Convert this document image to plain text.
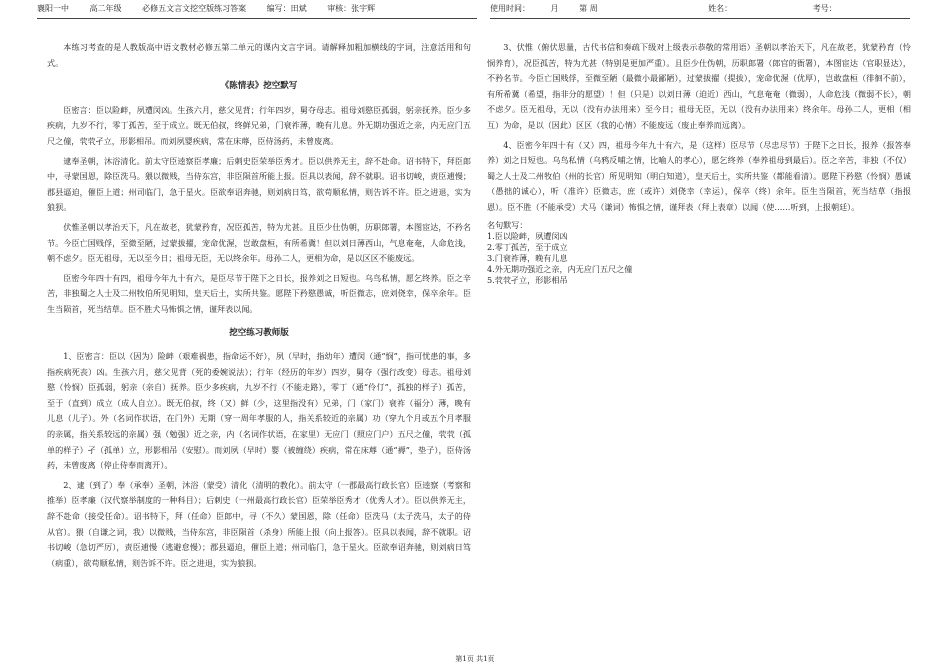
襄阳一中	高二年级	必修五文言文挖空版练习答案	编写：田斌	审核：张宇辉	使用时间：	月	第 周	姓名：	考号：

本练习考查的是人教版高中语文教材必修五第二单元的课内文言字词。请解释加粗加横线的字词，注意活用和句式。

《陈情表》挖空默写

臣密言：臣以险衅，夙遭闵凶。生孩六月，慈父见背；行年四岁，舅夺母志。祖母刘愍臣孤弱，躬亲抚养。臣少多疾病，九岁不行，零丁孤苦，至于成立。既无伯叔，终鲜兄弟，门衰祚薄，晚有儿息。外无期功强近之亲，内无应门五尺之僮，茕茕孑立，形影相吊。而刘夙婴疾病，常在床蓐，臣侍汤药，未曾废离。

逮奉圣朝，沐浴清化。前太守臣逵察臣孝廉；后刺史臣荣举臣秀才。臣以供养无主，辞不赴命。诏书特下，拜臣郎中，寻蒙国恩，除臣洗马。猥以微贱，当侍东宫，非臣陨首所能上报。臣具以表闻，辞不就职。诏书切峻，责臣逋慢；郡县逼迫，催臣上道；州司临门，急于星火。臣欲奉诏奔驰，则刘病日笃，欲苟顺私情，则告诉不许。臣之进退，实为狼狈。

伏惟圣朝以孝治天下，凡在故老，犹蒙矜育，况臣孤苦，特为尤甚。且臣少仕伪朝，历职郎署，本图宦达，不矜名节。今臣亡国贱俘，至微至陋，过蒙拔擢，宠命优渥，岂敢盘桓，有所希冀！但以刘日薄西山，气息奄奄，人命危浅，朝不虑夕。臣无祖母，无以至今日；祖母无臣，无以终余年。母孙二人，更相为命，是以区区不能废远。

臣密今年四十有四，祖母今年九十有六，是臣尽节于陛下之日长，报养刘之日短也。乌鸟私情，愿乞终养。臣之辛苦，非独蜀之人士及二州牧伯所见明知，皇天后土，实所共鉴。愿陛下矜愍愚诚，听臣微志，庶刘侥幸，保卒余年。臣生当陨首，死当结草。臣不胜犬马怖惧之情，谨拜表以闻。

挖空练习教师版

1、臣密言：臣以（因为）险衅（艰难祸患，指命运不好），夙（早时，指幼年）遭闵（通“悯”，指可忧患的事，多指疾病死丧）凶。生孩六月，慈父见背（死的委婉说法）；行年（经历的年岁）四岁，舅夺（强行改变）母志。祖母刘愍（怜悯）臣孤弱，躬亲（亲自）抚养。臣少多疾病，九岁不行（不能走路），零丁（通“伶仃”，孤独的样子）孤苦，至于（直到）成立（成人自立）。既无伯叔，终（又）鲜（少，这里指没有）兄弟，门（家门）衰祚（福分）薄，晚有儿息（儿子）。外（名词作状语，在门外）无期（穿一周年孝服的人，指关系较近的亲属）功（穿九个月或五个月孝服的亲属，指关系较远的亲属）强（勉强）近之亲，内（名词作状语，在家里）无应门（照应门户）五尺之僮，茕茕（孤单的样子）孑（孤单）立，形影相吊（安慰）。而刘夙（早时）婴（被缠绕）疾病，常在床蓐（通“褥”，垫子），臣侍汤药，未曾废离（停止侍奉而离开）。

2、逮（到了）奉（承奉）圣朝，沐浴（蒙受）清化（清明的教化）。前太守（一郡最高行政长官）臣逵察（考察和推举）臣孝廉（汉代察举制度的一种科目）；后刺史（一州最高行政长官）臣荣举臣秀才（优秀人才）。臣以供养无主，辞不赴命（接受任命）。诏书特下，拜（任命）臣郎中，寻（不久）蒙国恩，除（任命）臣洗马（太子洗马，太子的侍从官）。猥（自谦之词，我）以微贱，当侍东宫，非臣陨首（杀身）所能上报（向上报答）。臣具以表闻，辞不就职。诏书切峻（急切严厉），责臣逋慢（逃避怠慢）；郡县逼迫，催臣上道；州司临门，急于星火。臣欲奉诏奔驰，则刘病日笃（病重），欲苟顺私情，则告诉不许。臣之进退，实为狼狈。

3、伏惟（俯伏思量，古代书信和奏疏下级对上级表示恭敬的常用语）圣朝以孝治天下，凡在故老，犹蒙矜育（怜悯养育），况臣孤苦，特为尤甚（特别是更加严重）。且臣少仕伪朝，历职郎署（郎官的衙署），本图宦达（官职显达），不矜名节。今臣亡国贱俘，至微至陋（最微小最鄙陋），过蒙拔擢（提拔），宠命优渥（优厚），岂敢盘桓（徘徊不前），有所希冀（希望，指非分的愿望）！但（只是）以刘日薄（迫近）西山，气息奄奄（微弱），人命危浅（微弱不长），朝不虑夕。臣无祖母，无以（没有办法用来）至今日；祖母无臣，无以（没有办法用来）终余年。母孙二人，更相（相互）为命，是以（因此）区区（我的心情）不能废远（废止奉养而远离）。

4、臣密今年四十有（又）四，祖母今年九十有六，是（这样）臣尽节（尽忠尽节）于陛下之日长，报养（报答奉养）刘之日短也。乌鸟私情（乌鸦反哺之情，比喻人的孝心），愿乞终养（奉养祖母到最后）。臣之辛苦，非独（不仅）蜀之人士及二州牧伯（州的长官）所见明知（明白知道），皇天后土，实所共鉴（都能看清）。愿陛下矜愍（怜悯）愚诚（愚拙的诚心），听（准许）臣微志，庶（或许）刘侥幸（幸运），保卒（终）余年。臣生当陨首，死当结草（指报恩）。臣不胜（不能承受）犬马（谦词）怖惧之情，谨拜表（拜上表章）以闻（使……听到，上报朝廷）。

名句默写：

1.臣以险衅，夙遭闵凶

2.零丁孤苦，至于成立

3.门衰祚薄，晚有儿息

4.外无期功强近之亲，内无应门五尺之僮

5.茕茕孑立，形影相吊

第1页 共1页
